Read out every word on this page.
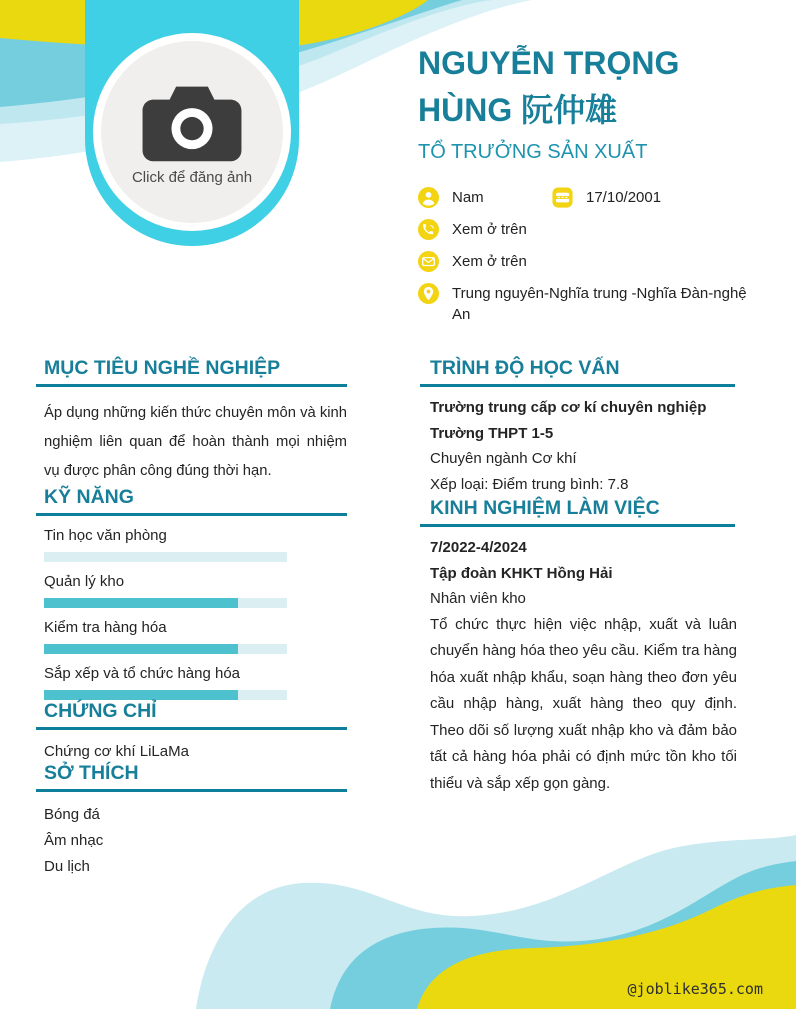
Click để đăng ảnh
NGUYỄN TRỌNG HÙNG 阮仲雄
TỔ TRƯỞNG SẢN XUẤT
Nam	17/10/2001
Xem ở trên
Xem ở trên
Trung nguyên-Nghĩa trung -Nghĩa Đàn-nghệ An
MỤC TIÊU NGHỀ NGHIỆP
Áp dụng những kiến thức chuyên môn và kinh nghiệm liên quan để hoàn thành mọi nhiệm vụ được phân công đúng thời hạn.
KỸ NĂNG
Tin học văn phòng
Quản lý kho
Kiểm tra hàng hóa
Sắp xếp và tổ chức hàng hóa
CHỨNG CHỈ
Chứng cơ khí LiLaMa
SỞ THÍCH
Bóng đá
Âm nhạc
Du lịch
TRÌNH ĐỘ HỌC VẤN
Trường trung cấp cơ kí chuyên nghiệp
Trường THPT 1-5
Chuyên ngành Cơ khí
Xếp loại: Điểm trung bình: 7.8
KINH NGHIỆM LÀM VIỆC
7/2022-4/2024
Tập đoàn KHKT Hồng Hải
Nhân viên kho
Tổ chức thực hiện việc nhập, xuất và luân chuyển hàng hóa theo yêu cầu. Kiểm tra hàng hóa xuất nhập khẩu, soạn hàng theo đơn yêu cầu nhập hàng, xuất hàng theo quy định. Theo dõi số lượng xuất nhập kho và đảm bảo tất cả hàng hóa phải có định mức tồn kho tối thiểu và sắp xếp gọn gàng.
@joblike365.com
